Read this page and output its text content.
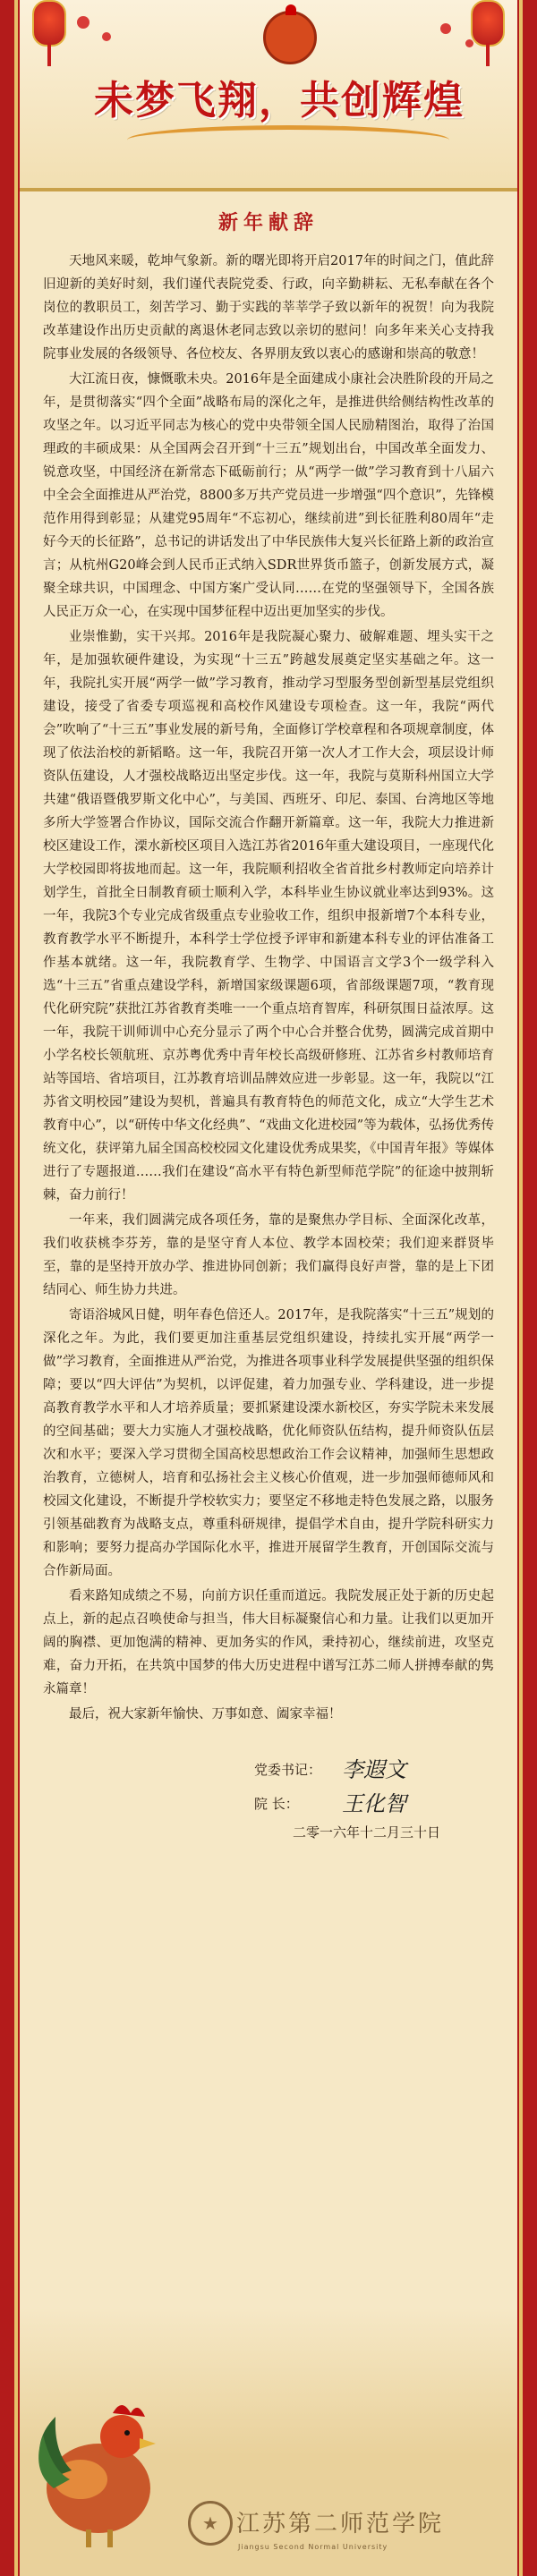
未梦飞翔，共创辉煌
新年献辞

天地风来暖，乾坤气象新。新的曙光即将开启2017年的时间之门，值此辞旧迎新的美好时刻，我们谨代表院党委、行政，向辛勤耕耘、无私奉献在各个岗位的教职员工，刻苦学习、勤于实践的莘莘学子致以新年的祝贺！向为我院改革建设作出历史贡献的离退休老同志致以亲切的慰问！向多年来关心支持我院事业发展的各级领导、各位校友、各界朋友致以衷心的感谢和崇高的敬意！

大江流日夜，慷慨歌未央。2016年是全面建成小康社会决胜阶段的开局之年，是贯彻落实“四个全面”战略布局的深化之年，是推进供给侧结构性改革的攻坚之年。以习近平同志为核心的党中央带领全国人民励精图治，取得了治国理政的丰硕成果：从全国两会召开到“十三五”规划出台，中国改革全面发力、锐意攻坚，中国经济在新常态下砥砺前行；从“两学一做”学习教育到十八届六中全会全面推进从严治党，8800多万共产党员进一步增强“四个意识”，先锋模范作用得到彰显；从建党95周年“不忘初心，继续前进”到长征胜利80周年“走好今天的长征路”，总书记的讲话发出了中华民族伟大复兴长征路上新的政治宣言；从杭州G20峰会到人民币正式纳入SDR世界货币篮子，创新发展方式，凝聚全球共识，中国理念、中国方案广受认同……在党的坚强领导下，全国各族人民正万众一心，在实现中国梦征程中迈出更加坚实的步伐。

业崇惟勤，实干兴邦。2016年是我院凝心聚力、破解难题、埋头实干之年，是加强软硬件建设，为实现“十三五”跨越发展奠定坚实基础之年。这一年，我院扎实开展“两学一做”学习教育，推动学习型服务型创新型基层党组织建设，接受了省委专项巡视和高校作风建设专项检查。这一年，我院“两代会”吹响了“十三五”事业发展的新号角，全面修订学校章程和各项规章制度，体现了依法治校的新韬略。这一年，我院召开第一次人才工作大会，项层设计师资队伍建设，人才强校战略迈出坚定步伐。这一年，我院与莫斯科州国立大学共建“俄语暨俄罗斯文化中心”，与美国、西班牙、印尼、泰国、台湾地区等地多所大学签署合作协议，国际交流合作翻开新篇章。这一年，我院大力推进新校区建设工作，溧水新校区项目入选江苏省2016年重大建设项目，一座现代化大学校园即将拔地而起。这一年，我院顺利招收全省首批乡村教师定向培养计划学生，首批全日制教育硕士顺利入学，本科毕业生协议就业率达到93%。这一年，我院3个专业完成省级重点专业验收工作，组织申报新增7个本科专业，教育教学水平不断提升，本科学士学位授予评审和新建本科专业的评估准备工作基本就绪。这一年，我院教育学、生物学、中国语言文学3个一级学科入选“十三五”省重点建设学科，新增国家级课题6项，省部级课题7项，“教育现代化研究院”获批江苏省教育类唯一一个重点培育智库，科研氛围日益浓厚。这一年，我院干训师训中心充分显示了两个中心合并整合优势，圆满完成首期中小学名校长领航班、京苏粤优秀中青年校长高级研修班、江苏省乡村教师培育站等国培、省培项目，江苏教育培训品牌效应进一步彰显。这一年，我院以“江苏省文明校园”建设为契机，普遍具有教育特色的师范文化，成立“大学生艺术教育中心”，以“研传中华文化经典”、“戏曲文化进校园”等为载体，弘扬优秀传统文化，获评第九届全国高校校园文化建设优秀成果奖，《中国青年报》等媒体进行了专题报道……我们在建设“高水平有特色新型师范学院”的征途中披荆斩棘，奋力前行！

一年来，我们圆满完成各项任务，靠的是聚焦办学目标、全面深化改革，我们收获桃李芬芳，靠的是坚守育人本位、教学本固校荣；我们迎来群贤毕至，靠的是坚持开放办学、推进协同创新；我们赢得良好声誉，靠的是上下团结同心、师生协力共进。

寄语浴城风日健，明年春色倍还人。2017年，是我院落实“十三五”规划的深化之年。为此，我们要更加注重基层党组织建设，持续扎实开展“两学一做”学习教育，全面推进从严治党，为推进各项事业科学发展提供坚强的组织保障；要以“四大评估”为契机，以评促建，着力加强专业、学科建设，进一步提高教育教学水平和人才培养质量；要抓紧建设溧水新校区，夯实学院未来发展的空间基础；要大力实施人才强校战略，优化师资队伍结构，提升师资队伍层次和水平；要深入学习贯彻全国高校思想政治工作会议精神，加强师生思想政治教育，立德树人，培育和弘扬社会主义核心价值观，进一步加强师德师风和校园文化建设，不断提升学校软实力；要坚定不移地走特色发展之路，以服务引领基础教育为战略支点，尊重科研规律，提倡学术自由，提升学院科研实力和影响；要努力提高办学国际化水平，推进开展留学生教育，开创国际交流与合作新局面。

看来路知成绩之不易，向前方识任重而道远。我院发展正处于新的历史起点上，新的起点召唤使命与担当，伟大目标凝聚信心和力量。让我们以更加开阔的胸襟、更加饱满的精神、更加务实的作风，秉持初心，继续前进，攻坚克难，奋力开拓，在共筑中国梦的伟大历史进程中谱写江苏二师人拼搏奉献的隽永篇章！

最后，祝大家新年愉快、万事如意、阖家幸福！

党委书记： 李遐文
院 长：	王化智
二零一六年十二月三十日
★ 江苏第二师范学院
Jiangsu Second Normal University
